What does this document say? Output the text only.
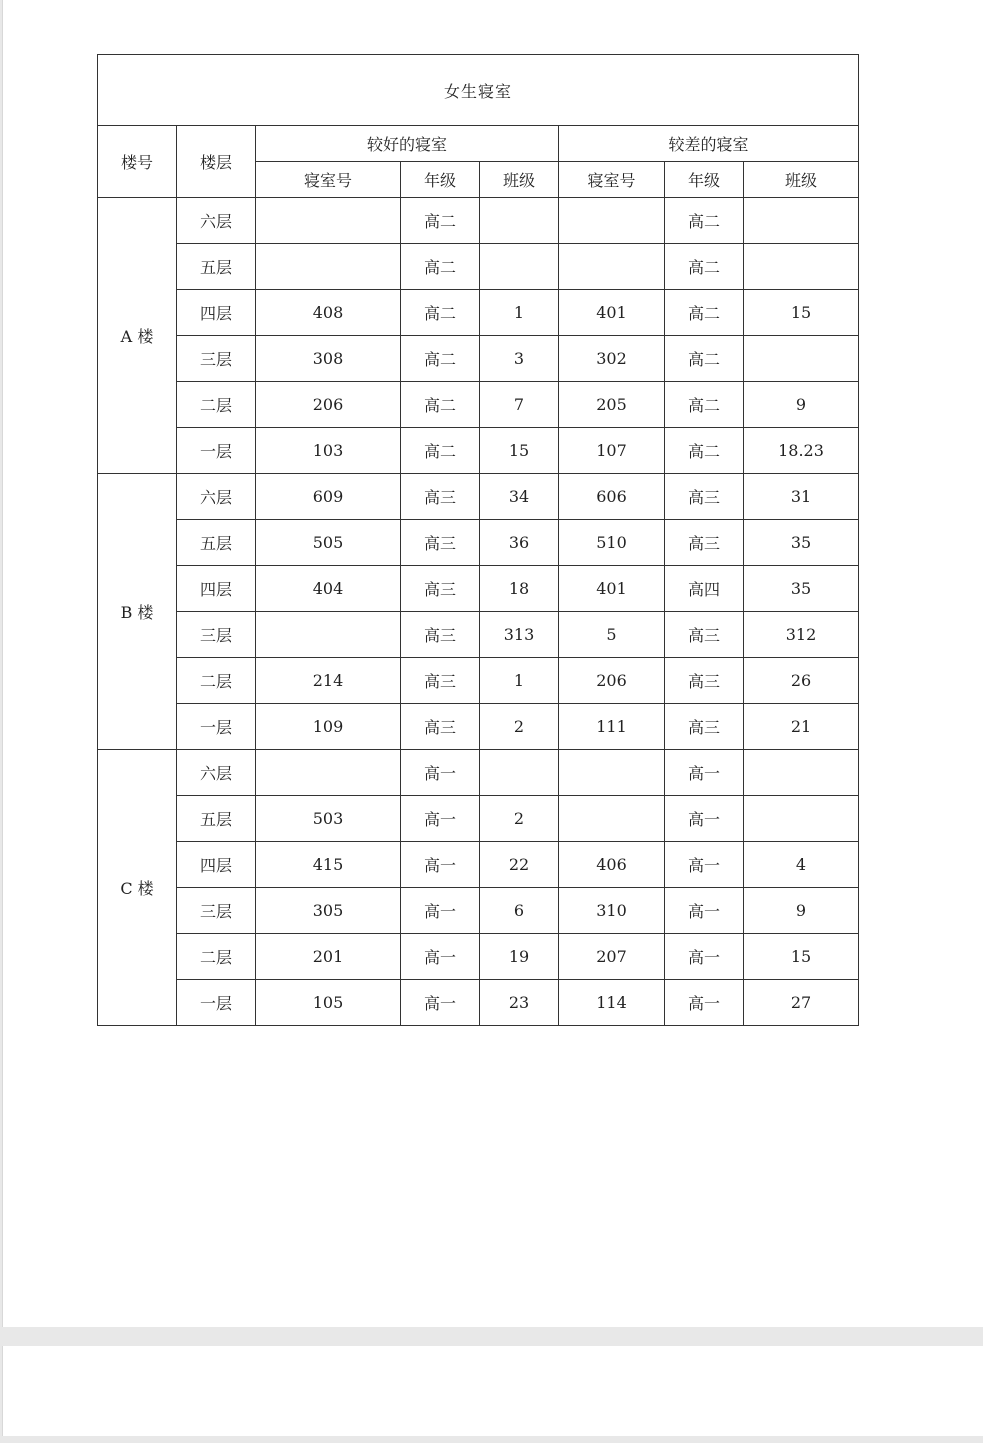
女生寝室							
楼号	楼层	较好的寝室			较差的寝室		
		寝室号	年级	班级	寝室号	年级	班级
A 楼	六层		高二			高二	
	五层		高二			高二	
	四层	408	高二	1	401	高二	15
	三层	308	高二	3	302	高二	
	二层	206	高二	7	205	高二	9
	一层	103	高二	15	107	高二	18.23
B 楼	六层	609	高三	34	606	高三	31
	五层	505	高三	36	510	高三	35
	四层	404	高三	18	401	高四	35
	三层		高三	313	5	高三	312
	二层	214	高三	1	206	高三	26
	一层	109	高三	2	111	高三	21
C 楼	六层		高一			高一	
	五层	503	高一	2		高一	
	四层	415	高一	22	406	高一	4
	三层	305	高一	6	310	高一	9
	二层	201	高一	19	207	高一	15
	一层	105	高一	23	114	高一	27
